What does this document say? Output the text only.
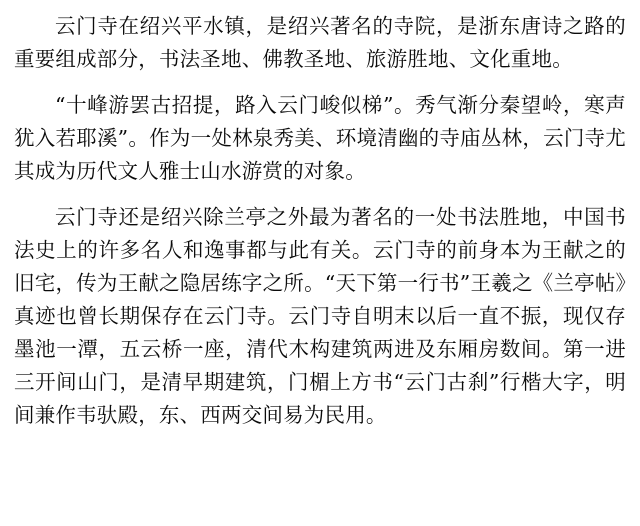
云门寺在绍兴平水镇，是绍兴著名的寺院，是浙东唐诗之路的重要组成部分，书法圣地、佛教圣地、旅游胜地、文化重地。

“十峰游罢古招提，路入云门峻似梯”。秀气渐分秦望岭，寒声犹入若耶溪”。作为一处林泉秀美、环境清幽的寺庙丛林，云门寺尤其成为历代文人雅士山水游赏的对象。

云门寺还是绍兴除兰亭之外最为著名的一处书法胜地，中国书法史上的许多名人和逸事都与此有关。云门寺的前身本为王献之的旧宅，传为王献之隐居练字之所。“天下第一行书”王羲之《兰亭帖》真迹也曾长期保存在云门寺。云门寺自明末以后一直不振，现仅存墨池一潭，五云桥一座，清代木构建筑两进及东厢房数间。第一进三开间山门，是清早期建筑，门楣上方书“云门古刹”行楷大字，明间兼作韦驮殿，东、西两交间易为民用。
